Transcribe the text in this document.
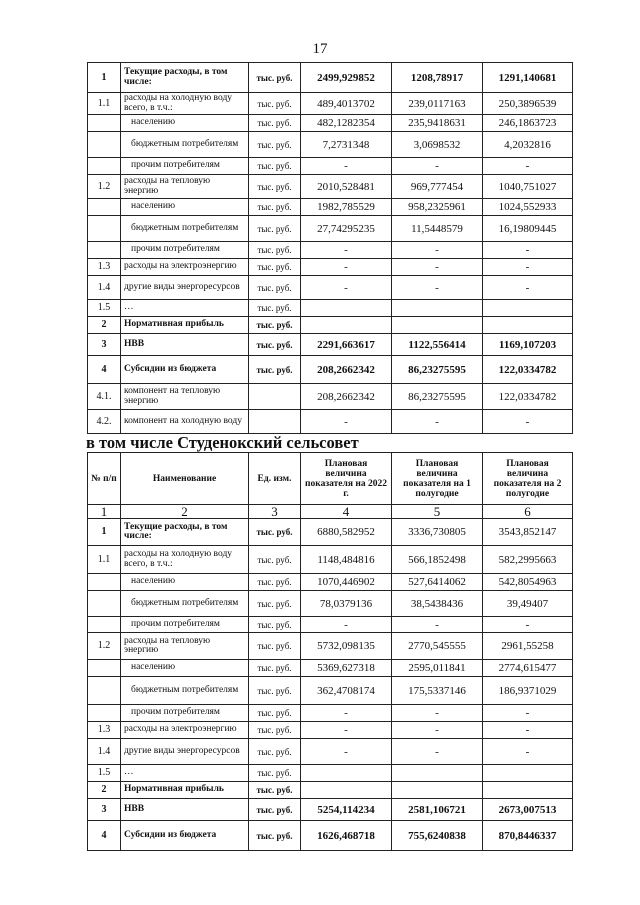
17
1	Текущие расходы, в том числе:	тыс. руб.	2499,929852	1208,78917	1291,140681
1.1	расходы на холодную воду всего, в т.ч.:	тыс. руб.	489,4013702	239,0117163	250,3896539
	населению	тыс. руб.	482,1282354	235,9418631	246,1863723
	бюджетным потребителям	тыс. руб.	7,2731348	3,0698532	4,2032816
	прочим потребителям	тыс. руб.	-	-	-
1.2	расходы на тепловую энергию	тыс. руб.	2010,528481	969,777454	1040,751027
	населению	тыс. руб.	1982,785529	958,2325961	1024,552933
	бюджетным потребителям	тыс. руб.	27,74295235	11,5448579	16,19809445
	прочим потребителям	тыс. руб.	-	-	-
1.3	расходы на электроэнергию	тыс. руб.	-	-	-
1.4	другие виды энергоресурсов	тыс. руб.	-	-	-
1.5	…	тыс. руб.			
2	Нормативная прибыль	тыс. руб.			
3	НВВ	тыс. руб.	2291,663617	1122,556414	1169,107203
4	Субсидии из бюджета	тыс. руб.	208,2662342	86,23275595	122,0334782
4.1.	компонент на тепловую энергию		208,2662342	86,23275595	122,0334782
4.2.	компонент на холодную воду		-	-	-
в том числе Студенокский сельсовет
№ п/п	Наименование	Ед. изм.	Плановая величина показателя на 2022 г.	Плановая величина показателя на 1 полугодие	Плановая величина показателя на 2 полугодие
1	2	3	4	5	6
1	Текущие расходы, в том числе:	тыс. руб.	6880,582952	3336,730805	3543,852147
1.1	расходы на холодную воду всего, в т.ч.:	тыс. руб.	1148,484816	566,1852498	582,2995663
	населению	тыс. руб.	1070,446902	527,6414062	542,8054963
	бюджетным потребителям	тыс. руб.	78,0379136	38,5438436	39,49407
	прочим потребителям	тыс. руб.	-	-	-
1.2	расходы на тепловую энергию	тыс. руб.	5732,098135	2770,545555	2961,55258
	населению	тыс. руб.	5369,627318	2595,011841	2774,615477
	бюджетным потребителям	тыс. руб.	362,4708174	175,5337146	186,9371029
	прочим потребителям	тыс. руб.	-	-	-
1.3	расходы на электроэнергию	тыс. руб.	-	-	-
1.4	другие виды энергоресурсов	тыс. руб.	-	-	-
1.5	…	тыс. руб.			
2	Нормативная прибыль	тыс. руб.			
3	НВВ	тыс. руб.	5254,114234	2581,106721	2673,007513
4	Субсидии из бюджета	тыс. руб.	1626,468718	755,6240838	870,8446337
